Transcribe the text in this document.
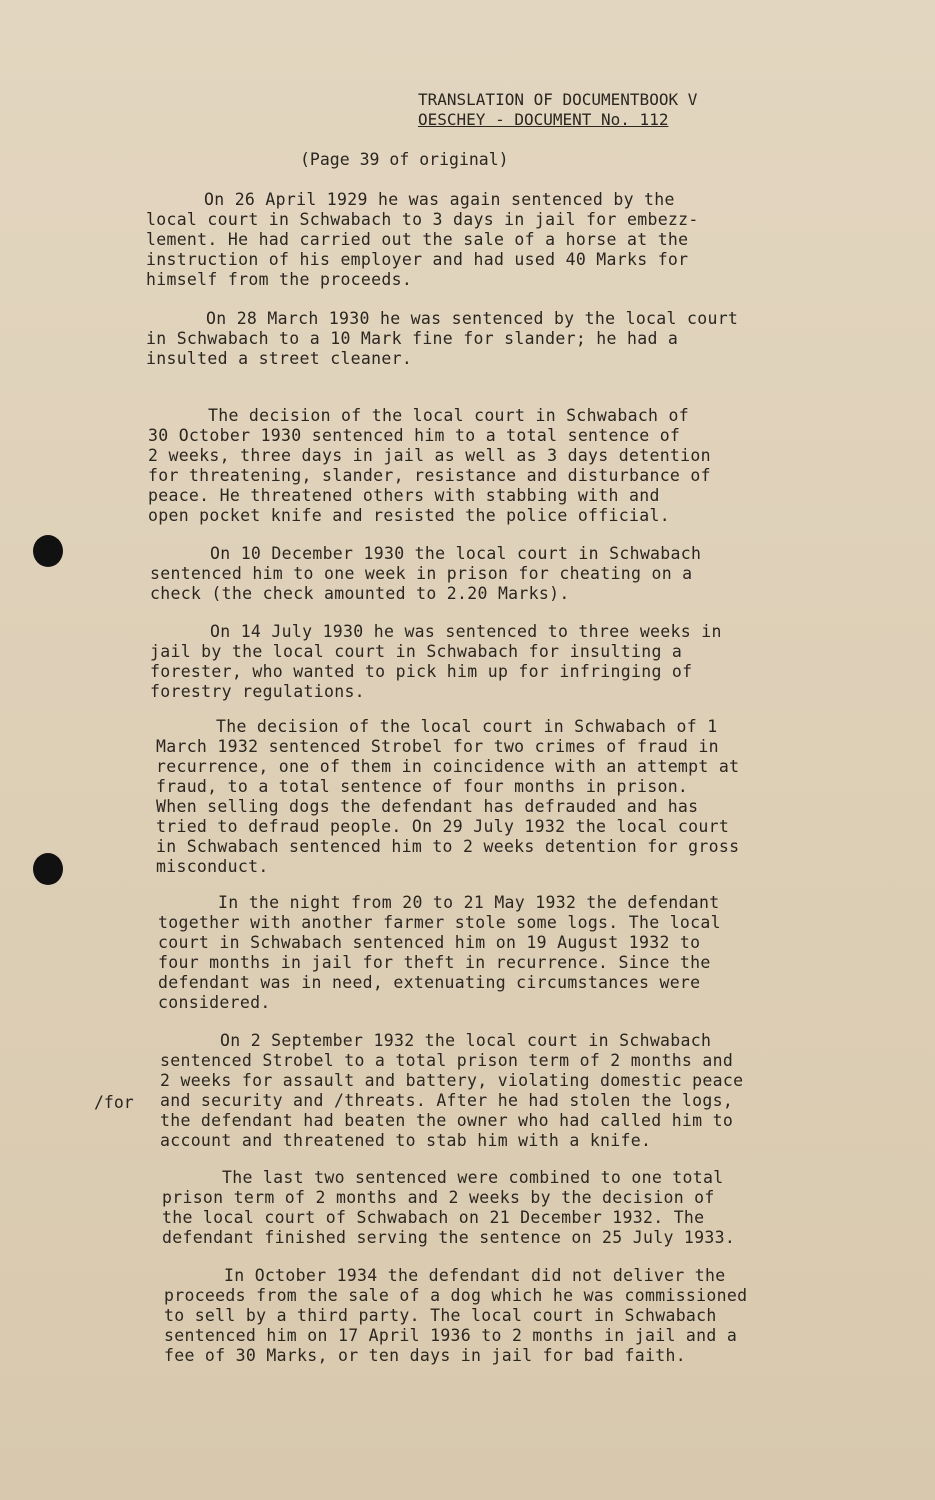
TRANSLATION OF DOCUMENTBOOK V
OESCHEY - DOCUMENT No. 112
(Page 39 of original)
On 26 April 1929 he was again sentenced by the
local court in Schwabach to 3 days in jail for embezz-
lement. He had carried out the sale of a horse at the
instruction of his employer and had used 40 Marks for
himself from the proceeds.
On 28 March 1930 he was sentenced by the local court
in Schwabach to a 10 Mark fine for slander; he had a
insulted a street cleaner.
The decision of the local court in Schwabach of
30 October 1930 sentenced him to a total sentence of
2 weeks, three days in jail as well as 3 days detention
for threatening, slander, resistance and disturbance of
peace. He threatened others with stabbing with and
open pocket knife and resisted the police official.
On 10 December 1930 the local court in Schwabach
sentenced him to one week in prison for cheating on a
check (the check amounted to 2.20 Marks).
On 14 July 1930 he was sentenced to three weeks in
jail by the local court in Schwabach for insulting a
forester, who wanted to pick him up for infringing of
forestry regulations.
The decision of the local court in Schwabach of 1
March 1932 sentenced Strobel for two crimes of fraud in
recurrence, one of them in coincidence with an attempt at
fraud, to a total sentence of four months in prison.
When selling dogs the defendant has defrauded and has
tried to defraud people. On 29 July 1932 the local court
in Schwabach sentenced him to 2 weeks detention for gross
misconduct.
In the night from 20 to 21 May 1932 the defendant
together with another farmer stole some logs. The local
court in Schwabach sentenced him on 19 August 1932 to
four months in jail for theft in recurrence. Since the
defendant was in need, extenuating circumstances were
considered.
On 2 September 1932 the local court in Schwabach
sentenced Strobel to a total prison term of 2 months and
2 weeks for assault and battery, violating domestic peace
and security and /threats. After he had stolen the logs,
the defendant had beaten the owner who had called him to
account and threatened to stab him with a knife.
/for
The last two sentenced were combined to one total
prison term of 2 months and 2 weeks by the decision of
the local court of Schwabach on 21 December 1932. The
defendant finished serving the sentence on 25 July 1933.
In October 1934 the defendant did not deliver the
proceeds from the sale of a dog which he was commissioned
to sell by a third party. The local court in Schwabach
sentenced him on 17 April 1936 to 2 months in jail and a
fee of 30 Marks, or ten days in jail for bad faith.
